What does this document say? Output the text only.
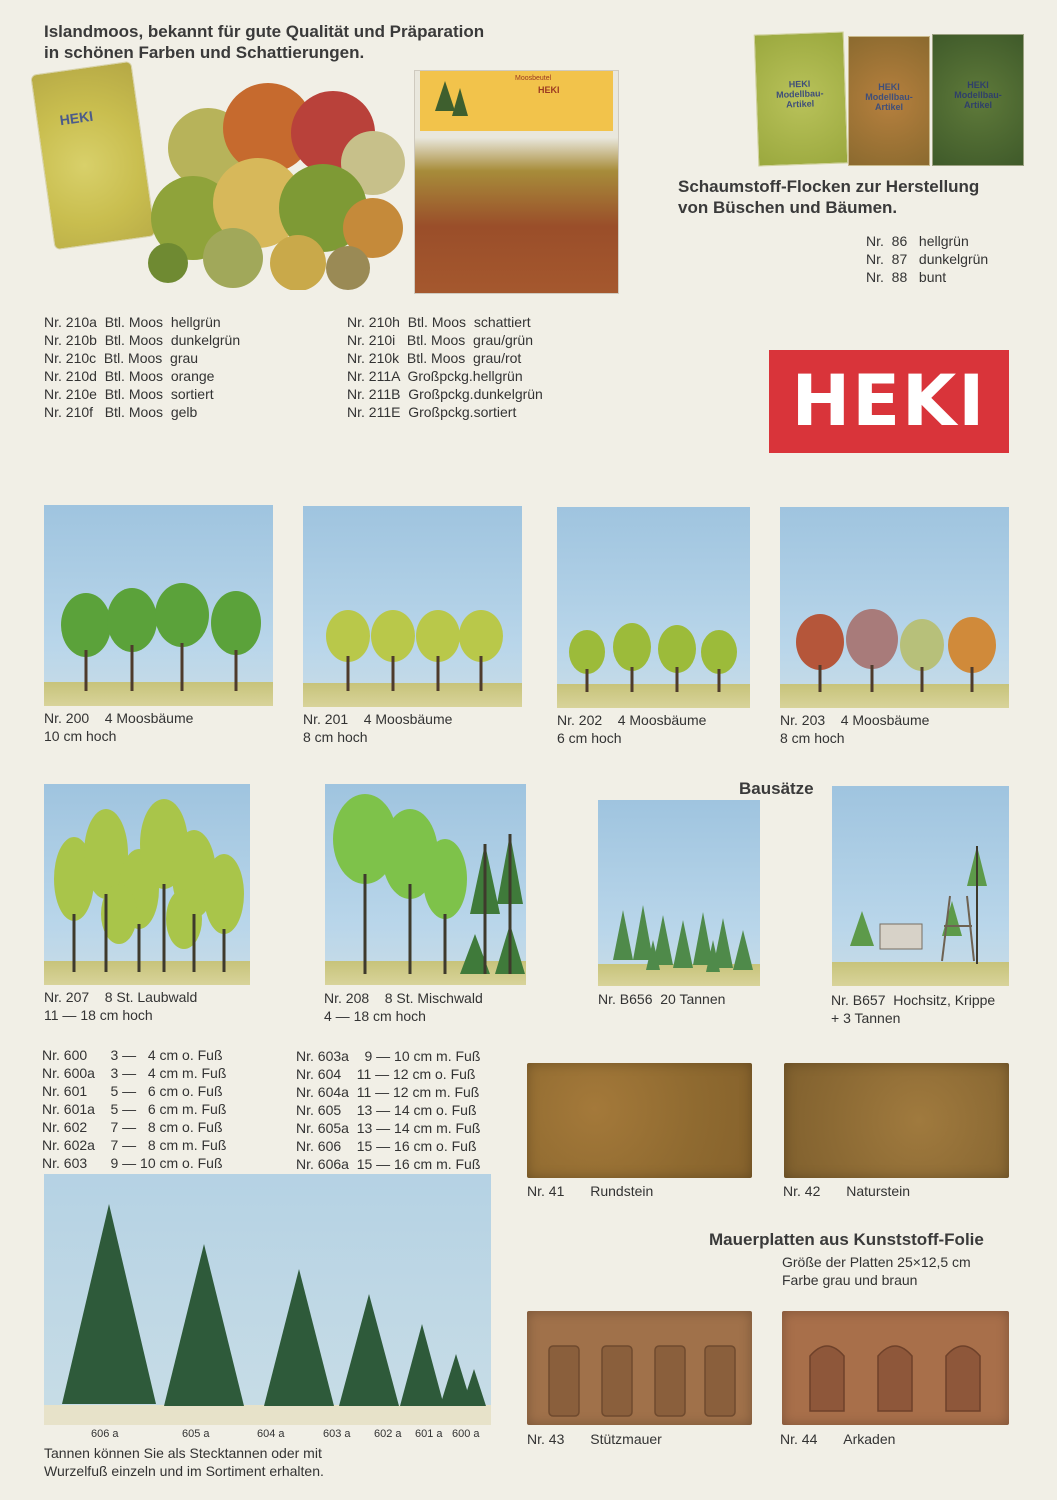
Islandmoos, bekannt für gute Qualität und Präparation
in schönen Farben und Schattierungen.
HEKI
Moosbeutel
HEKI
HEKI Modellbau-Artikel
HEKI Modellbau-Artikel
HEKI Modellbau-Artikel
Schaumstoff-Flocken zur Herstellung
von Büschen und Bäumen.
Nr.  86   hellgrün
Nr.  87   dunkelgrün
Nr.  88   bunt
Nr. 210a  Btl. Moos  hellgrün
Nr. 210b  Btl. Moos  dunkelgrün
Nr. 210c  Btl. Moos  grau
Nr. 210d  Btl. Moos  orange
Nr. 210e  Btl. Moos  sortiert
Nr. 210f   Btl. Moos  gelb
Nr. 210h  Btl. Moos  schattiert
Nr. 210i   Btl. Moos  grau/grün
Nr. 210k  Btl. Moos  grau/rot
Nr. 211A  Großpckg.hellgrün
Nr. 211B  Großpckg.dunkelgrün
Nr. 211E  Großpckg.sortiert	HEKI
Nr. 200    4 Moosbäume
10 cm hoch
Nr. 201    4 Moosbäume
8 cm hoch
Nr. 202    4 Moosbäume
6 cm hoch
Nr. 203    4 Moosbäume
8 cm hoch
Bausätze
Nr. 207    8 St. Laubwald
11 — 18 cm hoch
Nr. 208    8 St. Mischwald
4 — 18 cm hoch
Nr. B656  20 Tannen	Nr. B657  Hochsitz, Krippe
+ 3 Tannen
Nr. 600      3 —   4 cm o. Fuß
Nr. 600a    3 —   4 cm m. Fuß
Nr. 601      5 —   6 cm o. Fuß
Nr. 601a    5 —   6 cm m. Fuß
Nr. 602      7 —   8 cm o. Fuß
Nr. 602a    7 —   8 cm m. Fuß
Nr. 603      9 — 10 cm o. Fuß
Nr. 603a    9 — 10 cm m. Fuß
Nr. 604    11 — 12 cm o. Fuß
Nr. 604a  11 — 12 cm m. Fuß
Nr. 605    13 — 14 cm o. Fuß
Nr. 605a  13 — 14 cm m. Fuß
Nr. 606    15 — 16 cm o. Fuß
Nr. 606a  15 — 16 cm m. Fuß
606 a	605 a	604 a	603 a 602 a 601 a 600 a
Tannen können Sie als Stecktannen oder mit
Wurzelfuß einzeln und im Sortiment erhalten.
Nr. 41 Rundstein	Nr. 42 Naturstein
Mauerplatten aus Kunststoff-Folie
Größe der Platten 25×12,5 cm
Farbe grau und braun
Nr. 43 Stützmauer	Nr. 44 Arkaden
